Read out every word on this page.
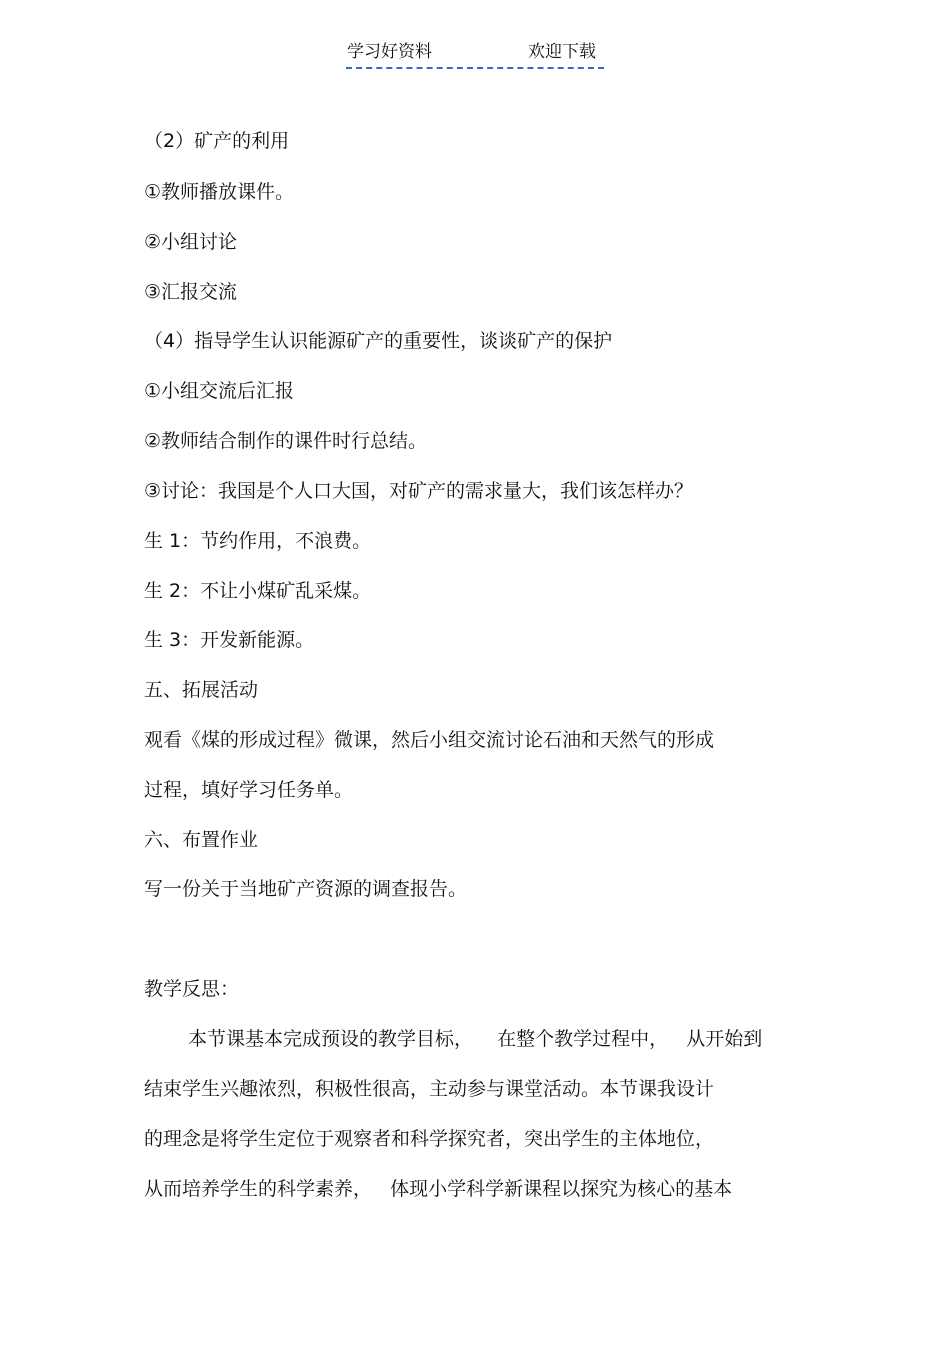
学习好资料	欢迎下载
（2）矿产的利用
①教师播放课件。
②小组讨论
③汇报交流
（4）指导学生认识能源矿产的重要性，谈谈矿产的保护
①小组交流后汇报
②教师结合制作的课件时行总结。
③讨论：我国是个人口大国，对矿产的需求量大，我们该怎样办？
生 1：节约作用，不浪费。
生 2：不让小煤矿乱采煤。
生 3：开发新能源。
五、拓展活动
观看《煤的形成过程》微课，然后小组交流讨论石油和天然气的形成
过程，填好学习任务单。
六、布置作业
写一份关于当地矿产资源的调查报告。
教学反思：
本节课基本完成预设的教学目标，    在整个教学过程中，   从开始到
结束学生兴趣浓烈，积极性很高，主动参与课堂活动。本节课我设计
的理念是将学生定位于观察者和科学探究者，突出学生的主体地位，
从而培养学生的科学素养，   体现小学科学新课程以探究为核心的基本
